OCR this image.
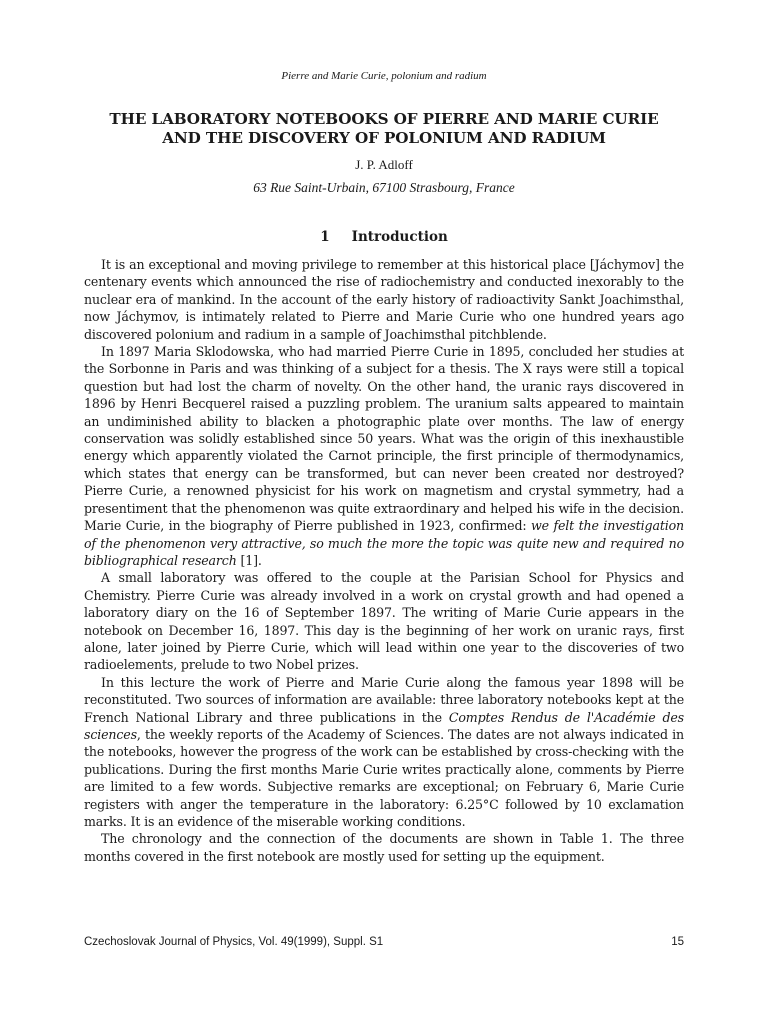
Pierre and Marie Curie, polonium and radium
THE LABORATORY NOTEBOOKS OF PIERRE AND MARIE CURIE
AND THE DISCOVERY OF POLONIUM AND RADIUM
J. P. Adloff
63 Rue Saint-Urbain, 67100 Strasbourg, France
1 Introduction

It is an exceptional and moving privilege to remember at this historical place [Jáchymov] the centenary events which announced the rise of radiochemistry and conducted inexorably to the nuclear era of mankind. In the account of the early history of radioactivity Sankt Joachimsthal, now Jáchymov, is intimately related to Pierre and Marie Curie who one hundred years ago discovered polonium and radium in a sample of Joachimsthal pitchblende.

In 1897 Maria Sklodowska, who had married Pierre Curie in 1895, concluded her studies at the Sorbonne in Paris and was thinking of a subject for a thesis. The X rays were still a topical question but had lost the charm of novelty. On the other hand, the uranic rays discovered in 1896 by Henri Becquerel raised a puzzling problem. The uranium salts appeared to maintain an undiminished ability to blacken a photographic plate over months. The law of energy conservation was solidly established since 50 years. What was the origin of this inexhaustible energy which apparently violated the Carnot principle, the first principle of thermodynamics, which states that energy can be transformed, but can never been created nor destroyed? Pierre Curie, a renowned physicist for his work on magnetism and crystal symmetry, had a presentiment that the phenomenon was quite extraordinary and helped his wife in the decision. Marie Curie, in the biography of Pierre published in 1923, confirmed: we felt the investigation of the phenomenon very attractive, so much the more the topic was quite new and required no bibliographical research [1].

A small laboratory was offered to the couple at the Parisian School for Physics and Chemistry. Pierre Curie was already involved in a work on crystal growth and had opened a laboratory diary on the 16 of September 1897. The writing of Marie Curie appears in the notebook on December 16, 1897. This day is the beginning of her work on uranic rays, first alone, later joined by Pierre Curie, which will lead within one year to the discoveries of two radioelements, prelude to two Nobel prizes.

In this lecture the work of Pierre and Marie Curie along the famous year 1898 will be reconstituted. Two sources of information are available: three laboratory notebooks kept at the French National Library and three publications in the Comptes Rendus de l'Académie des sciences, the weekly reports of the Academy of Sciences. The dates are not always indicated in the notebooks, however the progress of the work can be established by cross-checking with the publications. During the first months Marie Curie writes practically alone, comments by Pierre are limited to a few words. Subjective remarks are exceptional; on February 6, Marie Curie registers with anger the temperature in the laboratory: 6.25°C followed by 10 exclamation marks. It is an evidence of the miserable working conditions.

The chronology and the connection of the documents are shown in Table 1. The three months covered in the first notebook are mostly used for setting up the equipment.

Czechoslovak Journal of Physics, Vol. 49(1999), Suppl. S1	15
